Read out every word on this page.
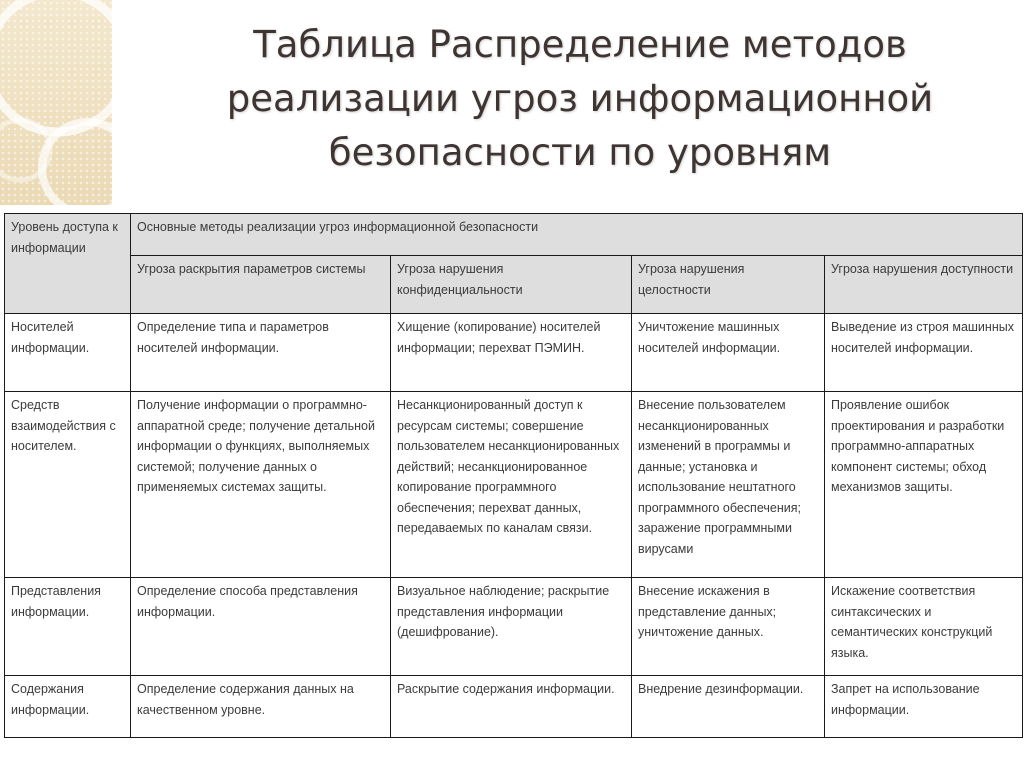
Таблица Распределение методов
реализации угроз информационной
безопасности по уровням
Уровень доступа к информации	Основные методы реализации угроз информационной безопасности			
	Угроза раскрытия параметров системы	Угроза нарушения конфиденциальности	Угроза нарушения целостности	Угроза нарушения доступности
Носителей информации.	Определение типа и параметров носителей информации.	Хищение (копирование) носителей информации; перехват ПЭМИН.	Уничтожение машинных носителей информации.	Выведение из строя машинных носителей информации.
Средств взаимодействия с носителем.	Получение информации о программно-аппаратной среде; получение детальной информации о функциях, выполняемых системой; получение данных о применяемых системах защиты.	Несанкционированный доступ к ресурсам системы; совершение пользователем несанкционированных действий; несанкционированное копирование программного обеспечения; перехват данных, передаваемых по каналам связи.	Внесение пользователем несанкционированных изменений в программы и данные; установка и использование нештатного программного обеспечения; заражение программными вирусами	Проявление ошибок проектирования и разработки программно-аппаратных компонент системы; обход механизмов защиты.
Представления информации.	Определение способа представления информации.	Визуальное наблюдение; раскрытие представления информации (дешифрование).	Внесение искажения в представление данных; уничтожение данных.	Искажение соответствия синтаксических и семантических конструкций языка.
Содержания информации.	Определение содержания данных на качественном уровне.	Раскрытие содержания информации.	Внедрение дезинформации.	Запрет на использование информации.
